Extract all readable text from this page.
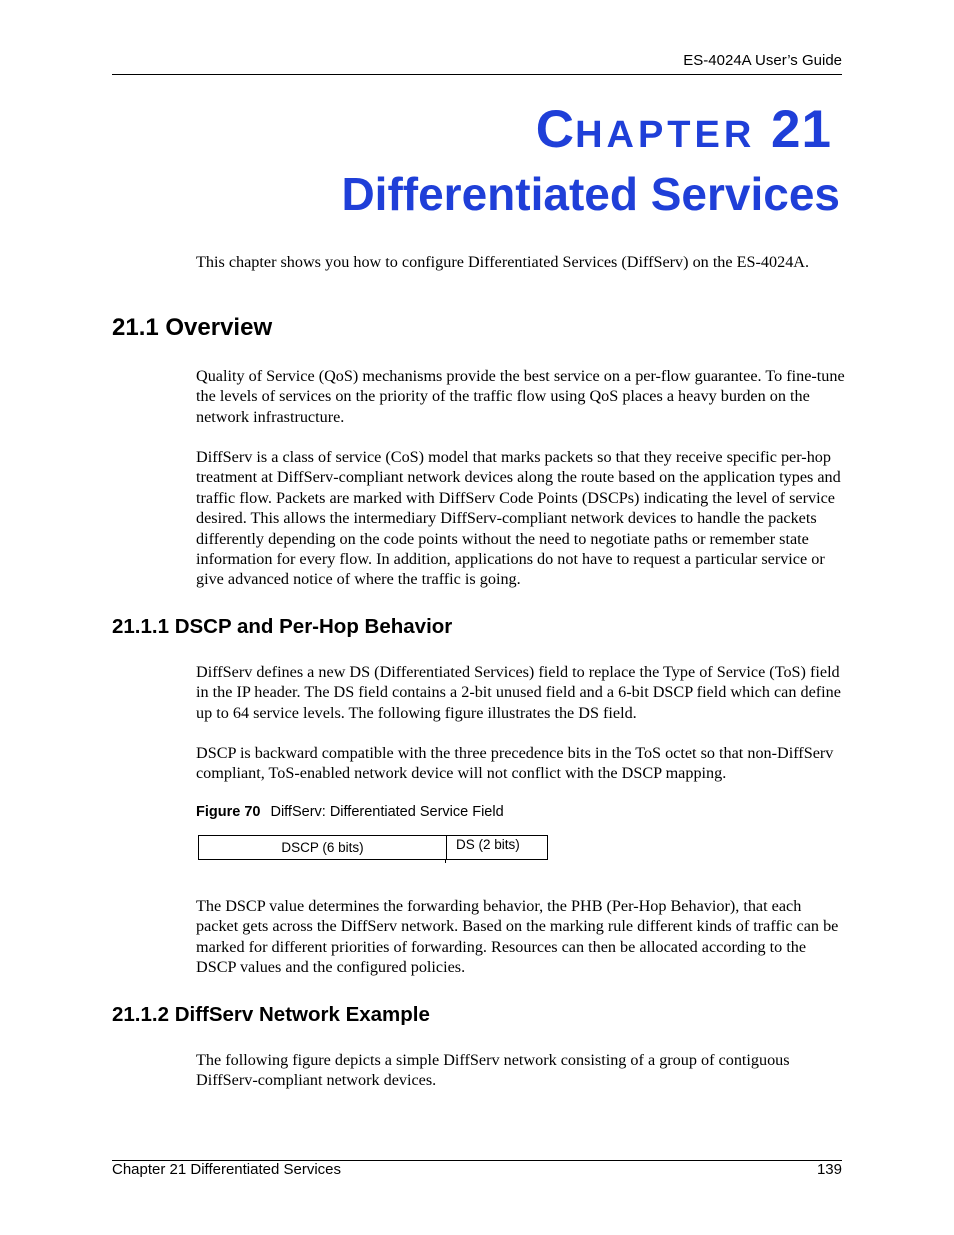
ES-4024A User’s Guide
CHAPTER 21
Differentiated Services
This chapter shows you how to configure Differentiated Services (DiffServ) on the ES-4024A.
21.1 Overview
Quality of Service (QoS) mechanisms provide the best service on a per-flow guarantee. To fine-tune the levels of services on the priority of the traffic flow using QoS places a heavy burden on the network infrastructure.
DiffServ is a class of service (CoS) model that marks packets so that they receive specific per-hop treatment at DiffServ-compliant network devices along the route based on the application types and traffic flow. Packets are marked with DiffServ Code Points (DSCPs) indicating the level of service desired. This allows the intermediary DiffServ-compliant network devices to handle the packets differently depending on the code points without the need to negotiate paths or remember state information for every flow. In addition, applications do not have to request a particular service or give advanced notice of where the traffic is going.
21.1.1 DSCP and Per-Hop Behavior
DiffServ defines a new DS (Differentiated Services) field to replace the Type of Service (ToS) field in the IP header. The DS field contains a 2-bit unused field and a 6-bit DSCP field which can define up to 64 service levels. The following figure illustrates the DS field.
DSCP is backward compatible with the three precedence bits in the ToS octet so that non-DiffServ compliant, ToS-enabled network device will not conflict with the DSCP mapping.
Figure 70 DiffServ: Differentiated Service Field
DSCP (6 bits)	DS (2 bits)
The DSCP value determines the forwarding behavior, the PHB (Per-Hop Behavior), that each packet gets across the DiffServ network. Based on the marking rule different kinds of traffic can be marked for different priorities of forwarding. Resources can then be allocated according to the DSCP values and the configured policies.
21.1.2 DiffServ Network Example
The following figure depicts a simple DiffServ network consisting of a group of contiguous DiffServ-compliant network devices.
Chapter 21 Differentiated Services	139
